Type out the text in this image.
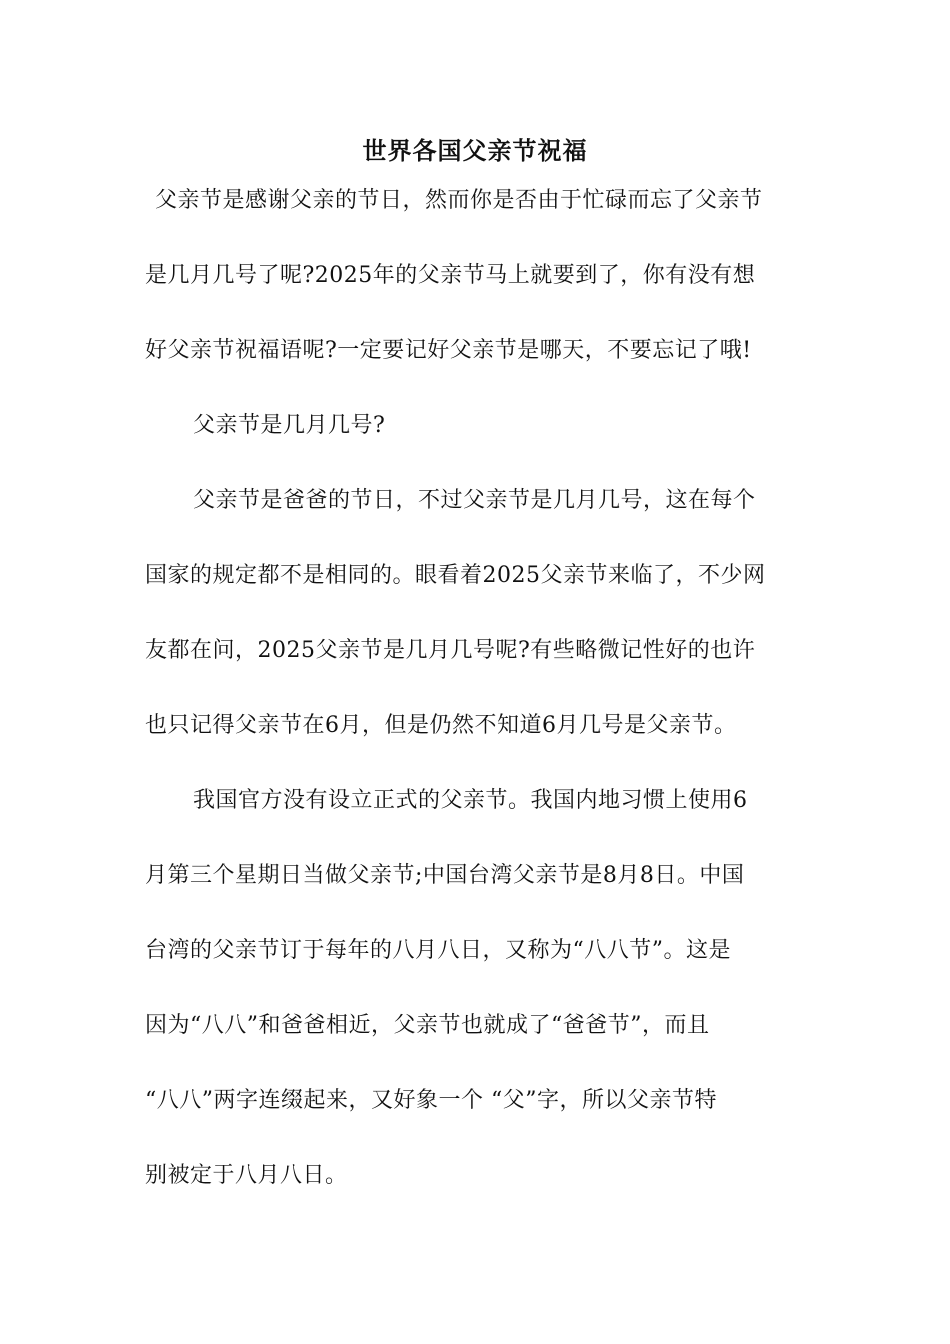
世界各国父亲节祝福
父亲节是感谢父亲的节日，然而你是否由于忙碌而忘了父亲节
是几月几号了呢?2025年的父亲节马上就要到了，你有没有想
好父亲节祝福语呢?一定要记好父亲节是哪天，不要忘记了哦!
父亲节是几月几号?
父亲节是爸爸的节日，不过父亲节是几月几号，这在每个
国家的规定都不是相同的。眼看着2025父亲节来临了，不少网
友都在问，2025父亲节是几月几号呢?有些略微记性好的也许
也只记得父亲节在6月，但是仍然不知道6月几号是父亲节。
我国官方没有设立正式的父亲节。我国内地习惯上使用6
月第三个星期日当做父亲节;中国台湾父亲节是8月8日。中国
台湾的父亲节订于每年的八月八日，又称为“八八节”。这是
因为“八八”和爸爸相近，父亲节也就成了“爸爸节”，而且
“八八”两字连缀起来，又好象一个 “父”字，所以父亲节特
别被定于八月八日。
